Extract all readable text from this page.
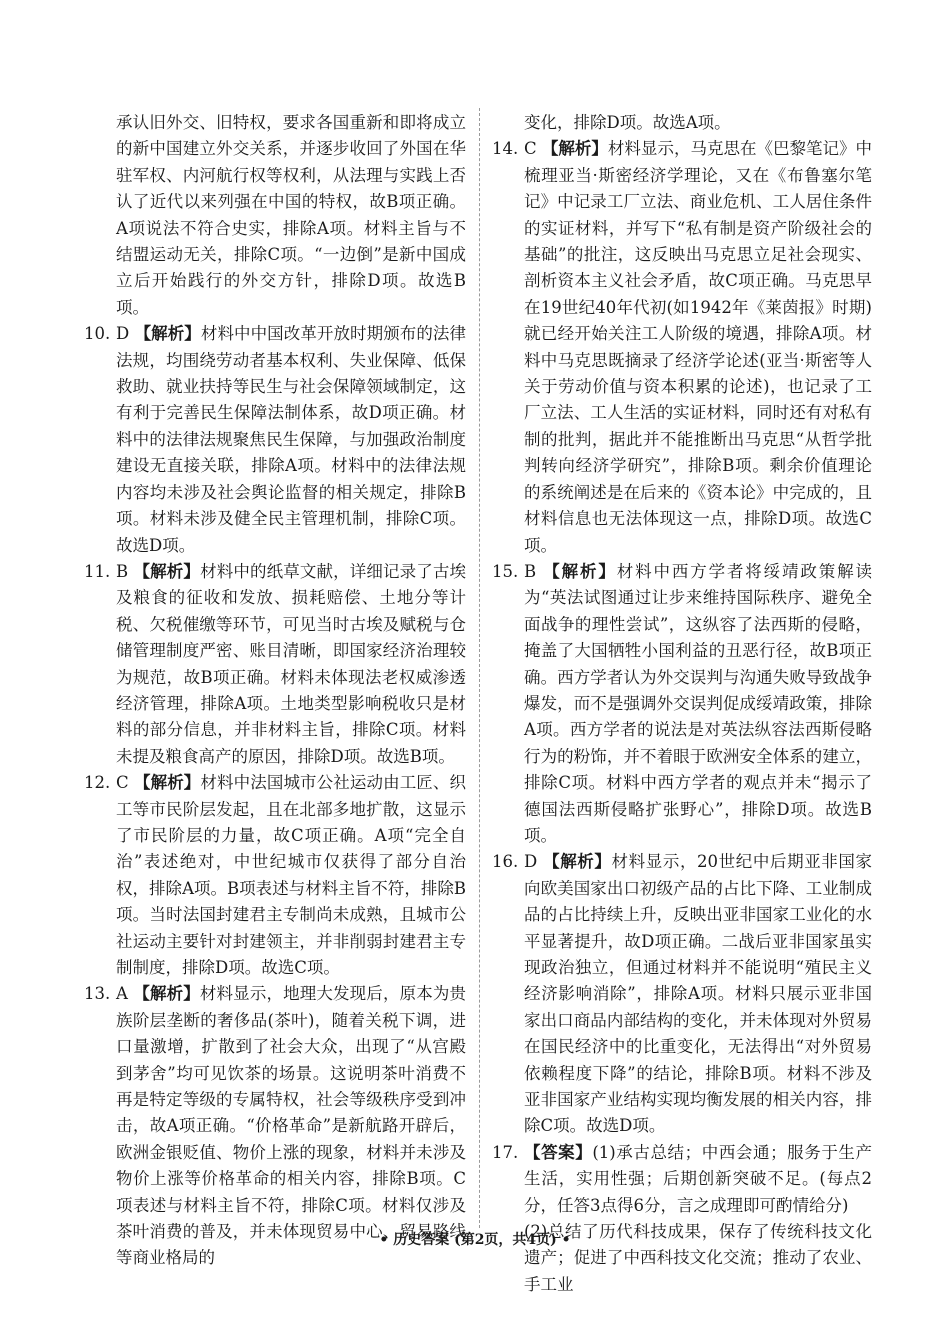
承认旧外交、旧特权，要求各国重新和即将成立的新中国建立外交关系，并逐步收回了外国在华驻军权、内河航行权等权利，从法理与实践上否认了近代以来列强在中国的特权，故B项正确。A项说法不符合史实，排除A项。材料主旨与不结盟运动无关，排除C项。“一边倒”是新中国成立后开始践行的外交方针，排除D项。故选B项。
10. D 【解析】材料中中国改革开放时期颁布的法律法规，均围绕劳动者基本权利、失业保障、低保救助、就业扶持等民生与社会保障领域制定，这有利于完善民生保障法制体系，故D项正确。材料中的法律法规聚焦民生保障，与加强政治制度建设无直接关联，排除A项。材料中的法律法规内容均未涉及社会舆论监督的相关规定，排除B项。材料未涉及健全民主管理机制，排除C项。故选D项。
11. B 【解析】材料中的纸草文献，详细记录了古埃及粮食的征收和发放、损耗赔偿、土地分等计税、欠税催缴等环节，可见当时古埃及赋税与仓储管理制度严密、账目清晰，即国家经济治理较为规范，故B项正确。材料未体现法老权威渗透经济管理，排除A项。土地类型影响税收只是材料的部分信息，并非材料主旨，排除C项。材料未提及粮食高产的原因，排除D项。故选B项。
12. C 【解析】材料中法国城市公社运动由工匠、织工等市民阶层发起，且在北部多地扩散，这显示了市民阶层的力量，故C项正确。A项“完全自治”表述绝对，中世纪城市仅获得了部分自治权，排除A项。B项表述与材料主旨不符，排除B项。当时法国封建君主专制尚未成熟，且城市公社运动主要针对封建领主，并非削弱封建君主专制制度，排除D项。故选C项。
13. A 【解析】材料显示，地理大发现后，原本为贵族阶层垄断的奢侈品(茶叶)，随着关税下调，进口量激增，扩散到了社会大众，出现了“从宫殿到茅舍”均可见饮茶的场景。这说明茶叶消费不再是特定等级的专属特权，社会等级秩序受到冲击，故A项正确。“价格革命”是新航路开辟后，欧洲金银贬值、物价上涨的现象，材料并未涉及物价上涨等价格革命的相关内容，排除B项。C项表述与材料主旨不符，排除C项。材料仅涉及茶叶消费的普及，并未体现贸易中心、贸易路线等商业格局的
变化，排除D项。故选A项。
14. C 【解析】材料显示，马克思在《巴黎笔记》中梳理亚当·斯密经济学理论，又在《布鲁塞尔笔记》中记录工厂立法、商业危机、工人居住条件的实证材料，并写下“私有制是资产阶级社会的基础”的批注，这反映出马克思立足社会现实、剖析资本主义社会矛盾，故C项正确。马克思早在19世纪40年代初(如1942年《莱茵报》时期)就已经开始关注工人阶级的境遇，排除A项。材料中马克思既摘录了经济学论述(亚当·斯密等人关于劳动价值与资本积累的论述)，也记录了工厂立法、工人生活的实证材料，同时还有对私有制的批判，据此并不能推断出马克思“从哲学批判转向经济学研究”，排除B项。剩余价值理论的系统阐述是在后来的《资本论》中完成的，且材料信息也无法体现这一点，排除D项。故选C项。
15. B 【解析】材料中西方学者将绥靖政策解读为“英法试图通过让步来维持国际秩序、避免全面战争的理性尝试”，这纵容了法西斯的侵略，掩盖了大国牺牲小国利益的丑恶行径，故B项正确。西方学者认为外交误判与沟通失败导致战争爆发，而不是强调外交误判促成绥靖政策，排除A项。西方学者的说法是对英法纵容法西斯侵略行为的粉饰，并不着眼于欧洲安全体系的建立，排除C项。材料中西方学者的观点并未“揭示了德国法西斯侵略扩张野心”，排除D项。故选B项。
16. D 【解析】材料显示，20世纪中后期亚非国家向欧美国家出口初级产品的占比下降、工业制成品的占比持续上升，反映出亚非国家工业化的水平显著提升，故D项正确。二战后亚非国家虽实现政治独立，但通过材料并不能说明“殖民主义经济影响消除”，排除A项。材料只展示亚非国家出口商品内部结构的变化，并未体现对外贸易在国民经济中的比重变化，无法得出“对外贸易依赖程度下降”的结论，排除B项。材料不涉及亚非国家产业结构实现均衡发展的相关内容，排除C项。故选D项。
17. 【答案】(1)承古总结；中西会通；服务于生产生活，实用性强；后期创新突破不足。(每点2分，任答3点得6分，言之成理即可酌情给分)
(2)总结了历代科技成果，保存了传统科技文化遗产；促进了中西科技文化交流；推动了农业、手工业
• 历史答案 (第2页，共4页) •
